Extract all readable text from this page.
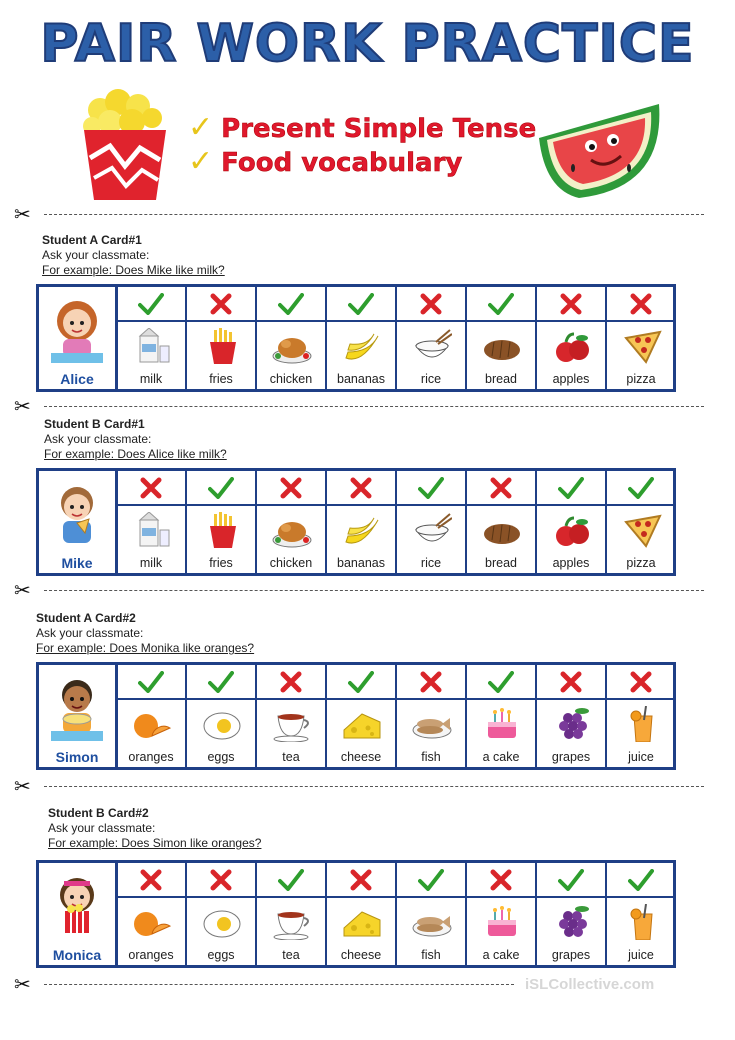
PAIR WORK PRACTICE
✓ Present Simple Tense
✓ Food vocabulary
✂
Student A Card#1
Ask your classmate:
For example: Does Mike like milk?
Alice	milk	fries	chicken	bananas	rice	bread	apples	pizza
✂
Student B Card#1
Ask your classmate:
For example: Does Alice like milk?
Mike	milk	fries	chicken	bananas	rice	bread	apples	pizza
✂
Student A Card#2
Ask your classmate:
For example: Does Monika like oranges?
Simon	oranges	eggs	tea	cheese	fish	a cake	grapes	juice
✂
Student B Card#2
Ask your classmate:
For example: Does Simon like oranges?
Monica	oranges	eggs	tea	cheese	fish	a cake	grapes	juice
✂	iSLCollective.com
